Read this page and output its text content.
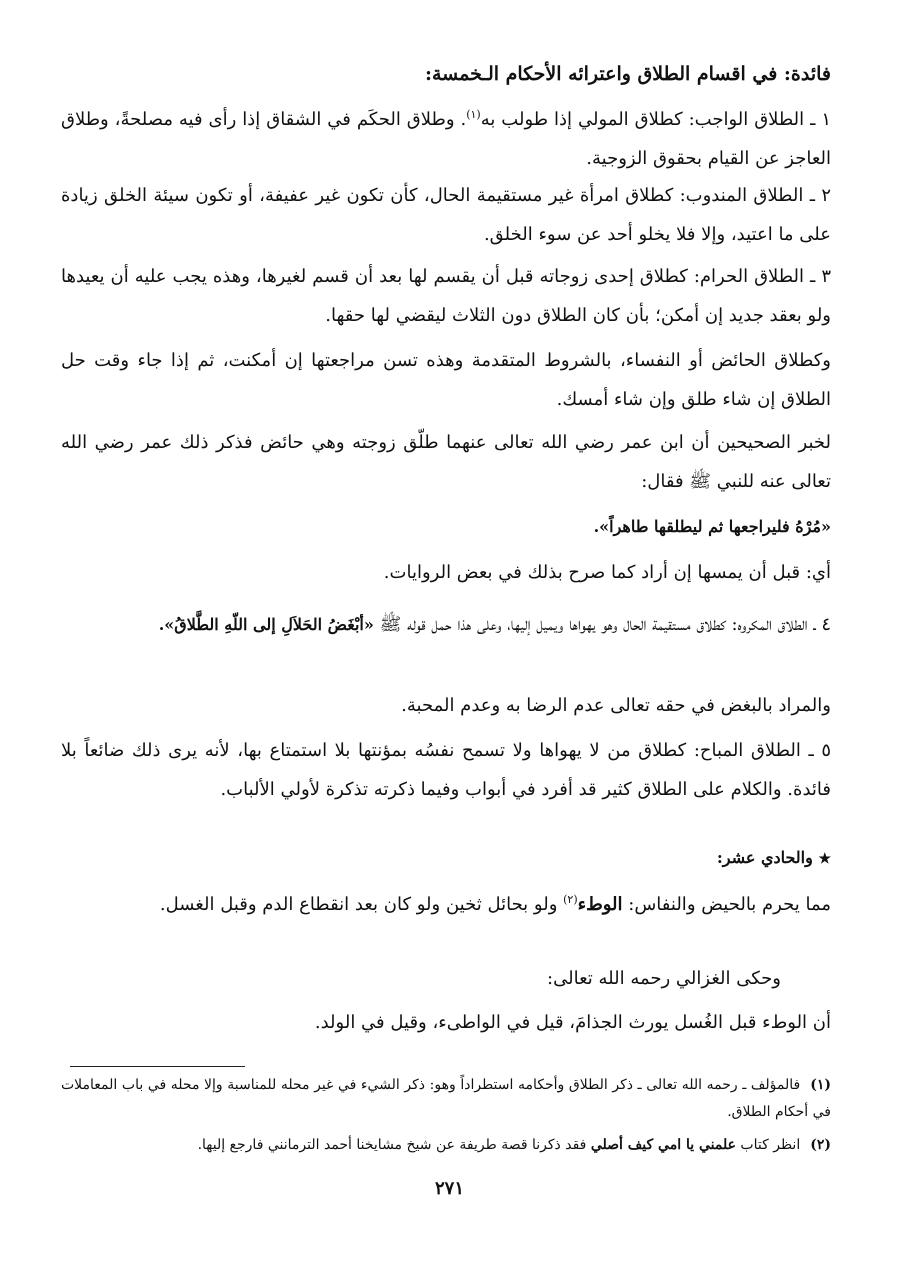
فائدة: في اقسام الطلاق واعترائه الأحكام الـخمسة:

١ ـ الطلاق الواجب: كطلاق المولي إذا طولب به$^{(١)}$. وطلاق الحكَم في الشقاق إذا رأى فيه مصلحةً، وطلاق العاجز عن القيام بحقوق الزوجية.

٢ ـ الطلاق المندوب: كطلاق امرأة غير مستقيمة الحال، كأن تكون غير عفيفة، أو تكون سيئة الخلق زيادة على ما اعتيد، وإلا فلا يخلو أحد عن سوء الخلق.

٣ ـ الطلاق الحرام: كطلاق إحدى زوجاته قبل أن يقسم لها بعد أن قسم لغيرها، وهذه يجب عليه أن يعيدها ولو بعقد جديد إن أمكن؛ بأن كان الطلاق دون الثلاث ليقضي لها حقها.

وكطلاق الحائض أو النفساء، بالشروط المتقدمة وهذه تسن مراجعتها إن أمكنت، ثم إذا جاء وقت حل الطلاق إن شاء طلق وإن شاء أمسك.

لخبر الصحيحين أن ابن عمر رضي الله تعالى عنهما طلّق زوجته وهي حائض فذكر ذلك عمر رضي الله تعالى عنه للنبي ﷺ فقال:

«مُرْهُ فليراجعها ثم ليطلقها طاهراً».

أي: قبل أن يمسها إن أراد كما صرح بذلك في بعض الروايات.

٤ ـ الطلاق المكروه: كطلاق مستقيمة الحال وهو يهواها ويميل إليها، وعلى هذا حمل قوله ﷺ «أبْغَضُ الحَلاَلِ إلى اللّهِ الطَّلاقُ».

والمراد بالبغض في حقه تعالى عدم الرضا به وعدم المحبة.

٥ ـ الطلاق المباح: كطلاق من لا يهواها ولا تسمح نفسُه بمؤنتها بلا استمتاع بها، لأنه يرى ذلك ضائعاً بلا فائدة. والكلام على الطلاق كثير قد أفرد في أبواب وفيما ذكرته تذكرة لأولي الألباب.

★ والحادي عشر:

مما يحرم بالحيض والنفاس: الوطء$^{(٢)}$ ولو بحائل ثخين ولو كان بعد انقطاع الدم وقبل الغسل.

وحكى الغزالي رحمه الله تعالى:

أن الوطء قبل الغُسل يورث الجذامَ، قيل في الواطىء، وقيل في الولد.

(١)فالمؤلف ـ رحمه الله تعالى ـ ذكر الطلاق وأحكامه استطراداً وهو: ذكر الشيء في غير محله للمناسبة وإلا محله في باب المعاملات في أحكام الطلاق.

(٢)انظر كتاب علمني يا امي كيف أصلي فقد ذكرنا قصة طريفة عن شيخ مشايخنا أحمد الترمانني فارجع إليها.

٢٧١
